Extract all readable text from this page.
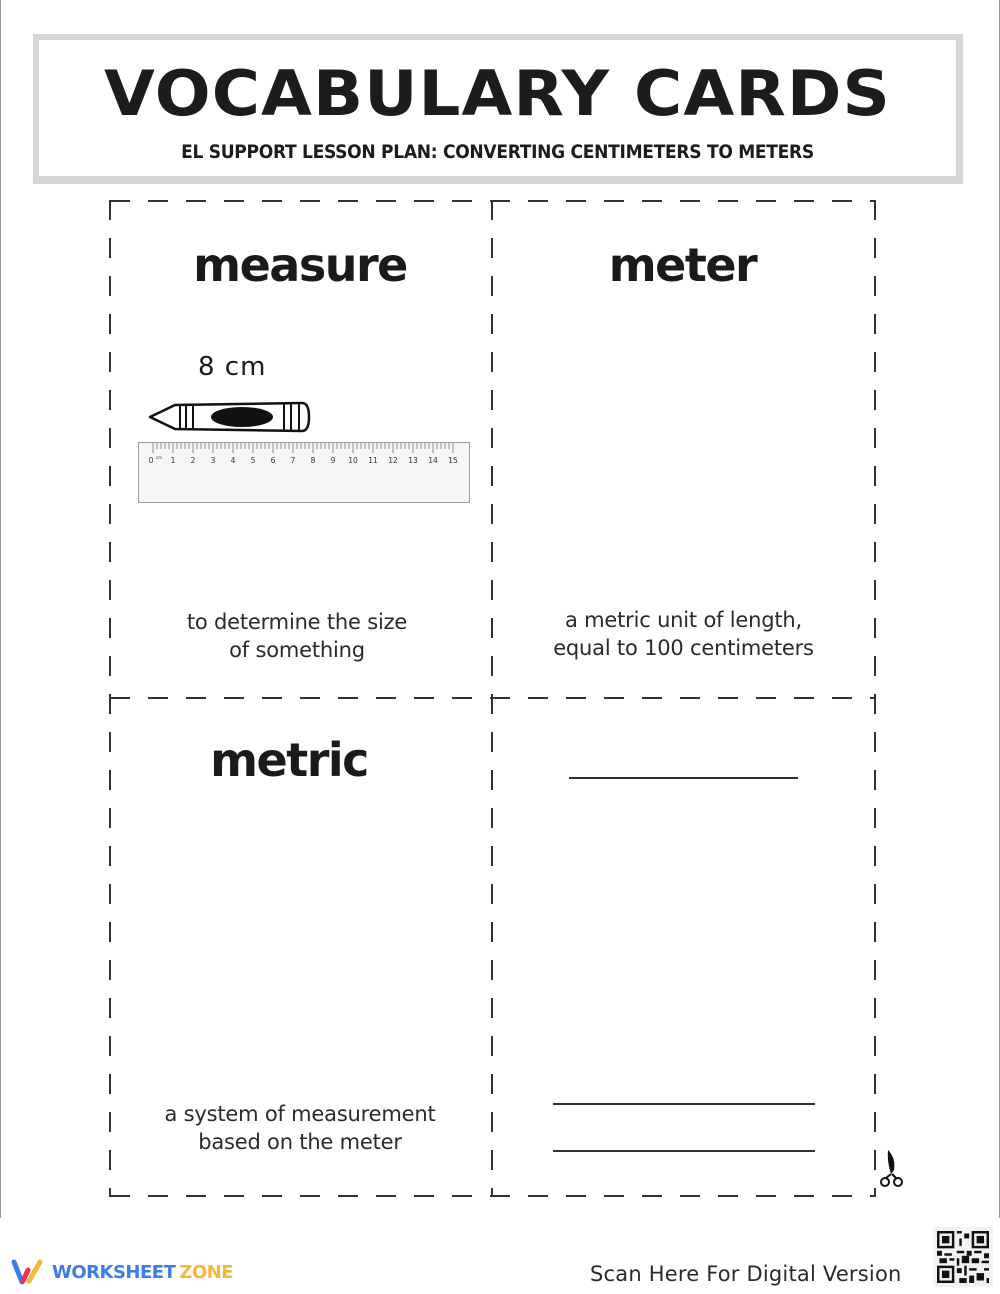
VOCABULARY CARDS
EL SUPPORT LESSON PLAN: CONVERTING CENTIMETERS TO METERS
measure
to determine the size
of something
8 cm
0 cm 1 2 3 4 5 6 7 8 9 10 11 12 13 14 15
meter
a metric unit of length,
equal to 100 centimeters
metric
a system of measurement
based on the meter
WORKSHEET ZONE	Scan Here For Digital Version
